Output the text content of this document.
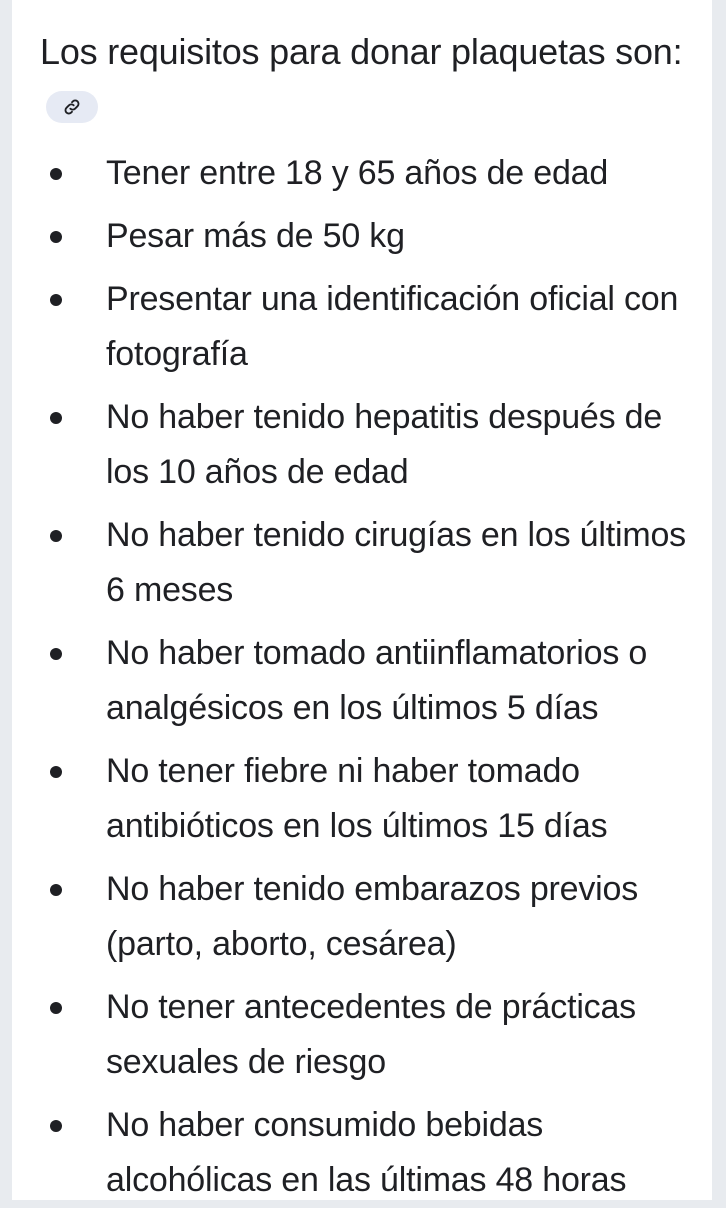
Los requisitos para donar plaquetas son:
Tener entre 18 y 65 años de edad
Pesar más de 50 kg
Presentar una identificación oficial con fotografía
No haber tenido hepatitis después de los 10 años de edad
No haber tenido cirugías en los últimos 6 meses
No haber tomado antiinflamatorios o analgésicos en los últimos 5 días
No tener fiebre ni haber tomado antibióticos en los últimos 15 días
No haber tenido embarazos previos (parto, aborto, cesárea)
No tener antecedentes de prácticas sexuales de riesgo
No haber consumido bebidas alcohólicas en las últimas 48 horas
